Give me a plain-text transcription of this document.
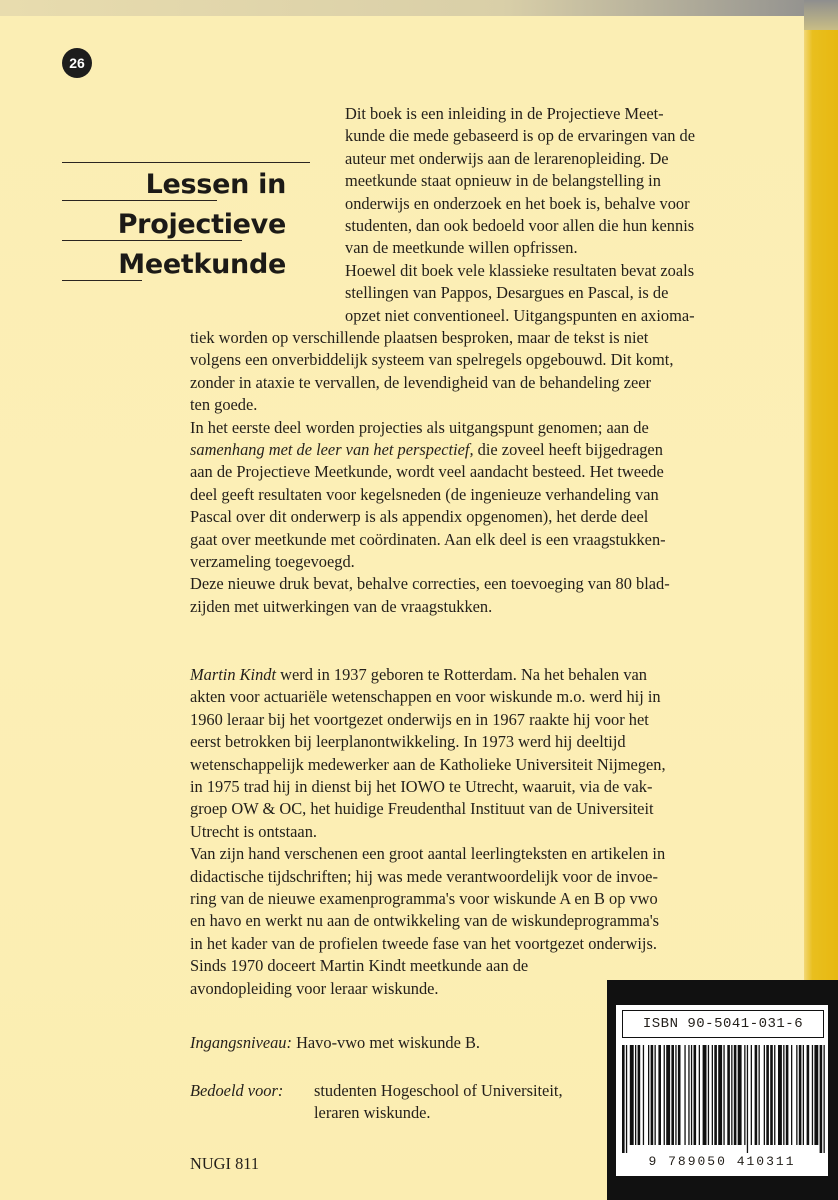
26
Lessen in
Projectieve
Meetkunde

Dit boek is een inleiding in de Projectieve Meet-
kunde die mede gebaseerd is op de ervaringen van de
auteur met onderwijs aan de lerarenopleiding. De
meetkunde staat opnieuw in de belangstelling in
onderwijs en onderzoek en het boek is, behalve voor
studenten, dan ook bedoeld voor allen die hun kennis
van de meetkunde willen opfrissen.
Hoewel dit boek vele klassieke resultaten bevat zoals
stellingen van Pappos, Desargues en Pascal, is de
opzet niet conventioneel. Uitgangspunten en axioma-

tiek worden op verschillende plaatsen besproken, maar de tekst is niet
volgens een onverbiddelijk systeem van spelregels opgebouwd. Dit komt,
zonder in ataxie te vervallen, de levendigheid van de behandeling zeer
ten goede.
In het eerste deel worden projecties als uitgangspunt genomen; aan de
samenhang met de leer van het perspectief, die zoveel heeft bijgedragen
aan de Projectieve Meetkunde, wordt veel aandacht besteed. Het tweede
deel geeft resultaten voor kegelsneden (de ingenieuze verhandeling van
Pascal over dit onderwerp is als appendix opgenomen), het derde deel
gaat over meetkunde met coördinaten. Aan elk deel is een vraagstukken-
verzameling toegevoegd.
Deze nieuwe druk bevat, behalve correcties, een toevoeging van 80 blad-
zijden met uitwerkingen van de vraagstukken.

Martin Kindt werd in 1937 geboren te Rotterdam. Na het behalen van
akten voor actuariële wetenschappen en voor wiskunde m.o. werd hij in
1960 leraar bij het voortgezet onderwijs en in 1967 raakte hij voor het
eerst betrokken bij leerplanontwikkeling. In 1973 werd hij deeltijd
wetenschappelijk medewerker aan de Katholieke Universiteit Nijmegen,
in 1975 trad hij in dienst bij het IOWO te Utrecht, waaruit, via de vak-
groep OW & OC, het huidige Freudenthal Instituut van de Universiteit
Utrecht is ontstaan.
Van zijn hand verschenen een groot aantal leerlingteksten en artikelen in
didactische tijdschriften; hij was mede verantwoordelijk voor de invoe-
ring van de nieuwe examenprogramma's voor wiskunde A en B op vwo
en havo en werkt nu aan de ontwikkeling van de wiskundeprogramma's
in het kader van de profielen tweede fase van het voortgezet onderwijs.
Sinds 1970 doceert Martin Kindt meetkunde aan de
avondopleiding voor leraar wiskunde.

Ingangsniveau: Havo-vwo met wiskunde B.
Bedoeld voor: studenten Hogeschool of Universiteit,
leraren wiskunde.
NUGI 811
ISBN 90-5041-031-6
9 789050 410311
